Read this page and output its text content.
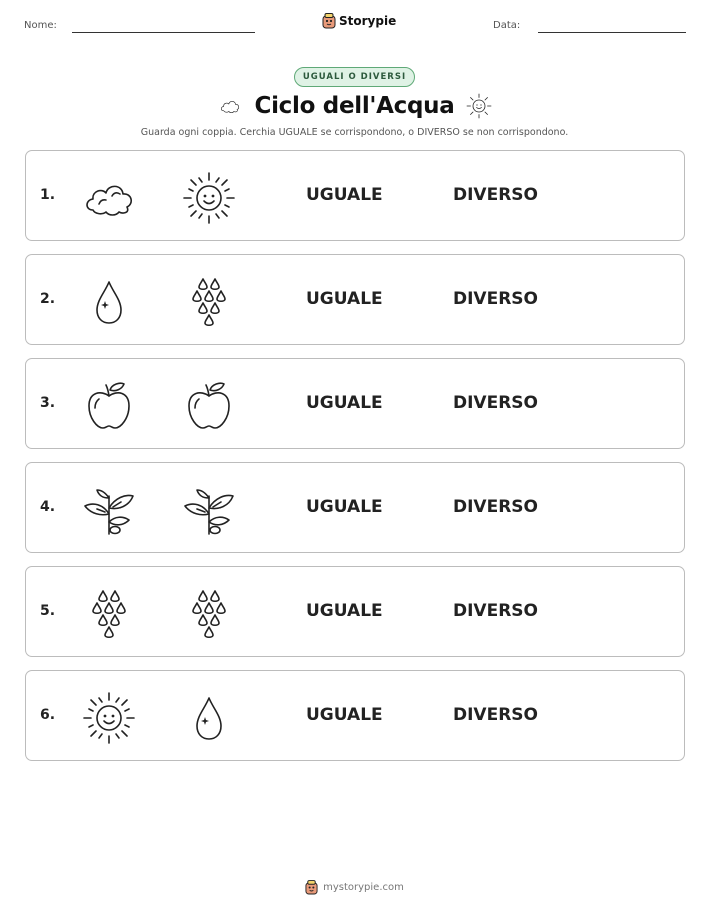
Nome:	Storypie	Data:
UGUALI O DIVERSI
Ciclo dell'Acqua
Guarda ogni coppia. Cerchia UGUALE se corrispondono, o DIVERSO se non corrispondono.
1.	UGUALE	DIVERSO
2.	UGUALE	DIVERSO
3.	UGUALE	DIVERSO
4.	UGUALE	DIVERSO
5.	UGUALE	DIVERSO
6.	UGUALE	DIVERSO
mystorypie.com
